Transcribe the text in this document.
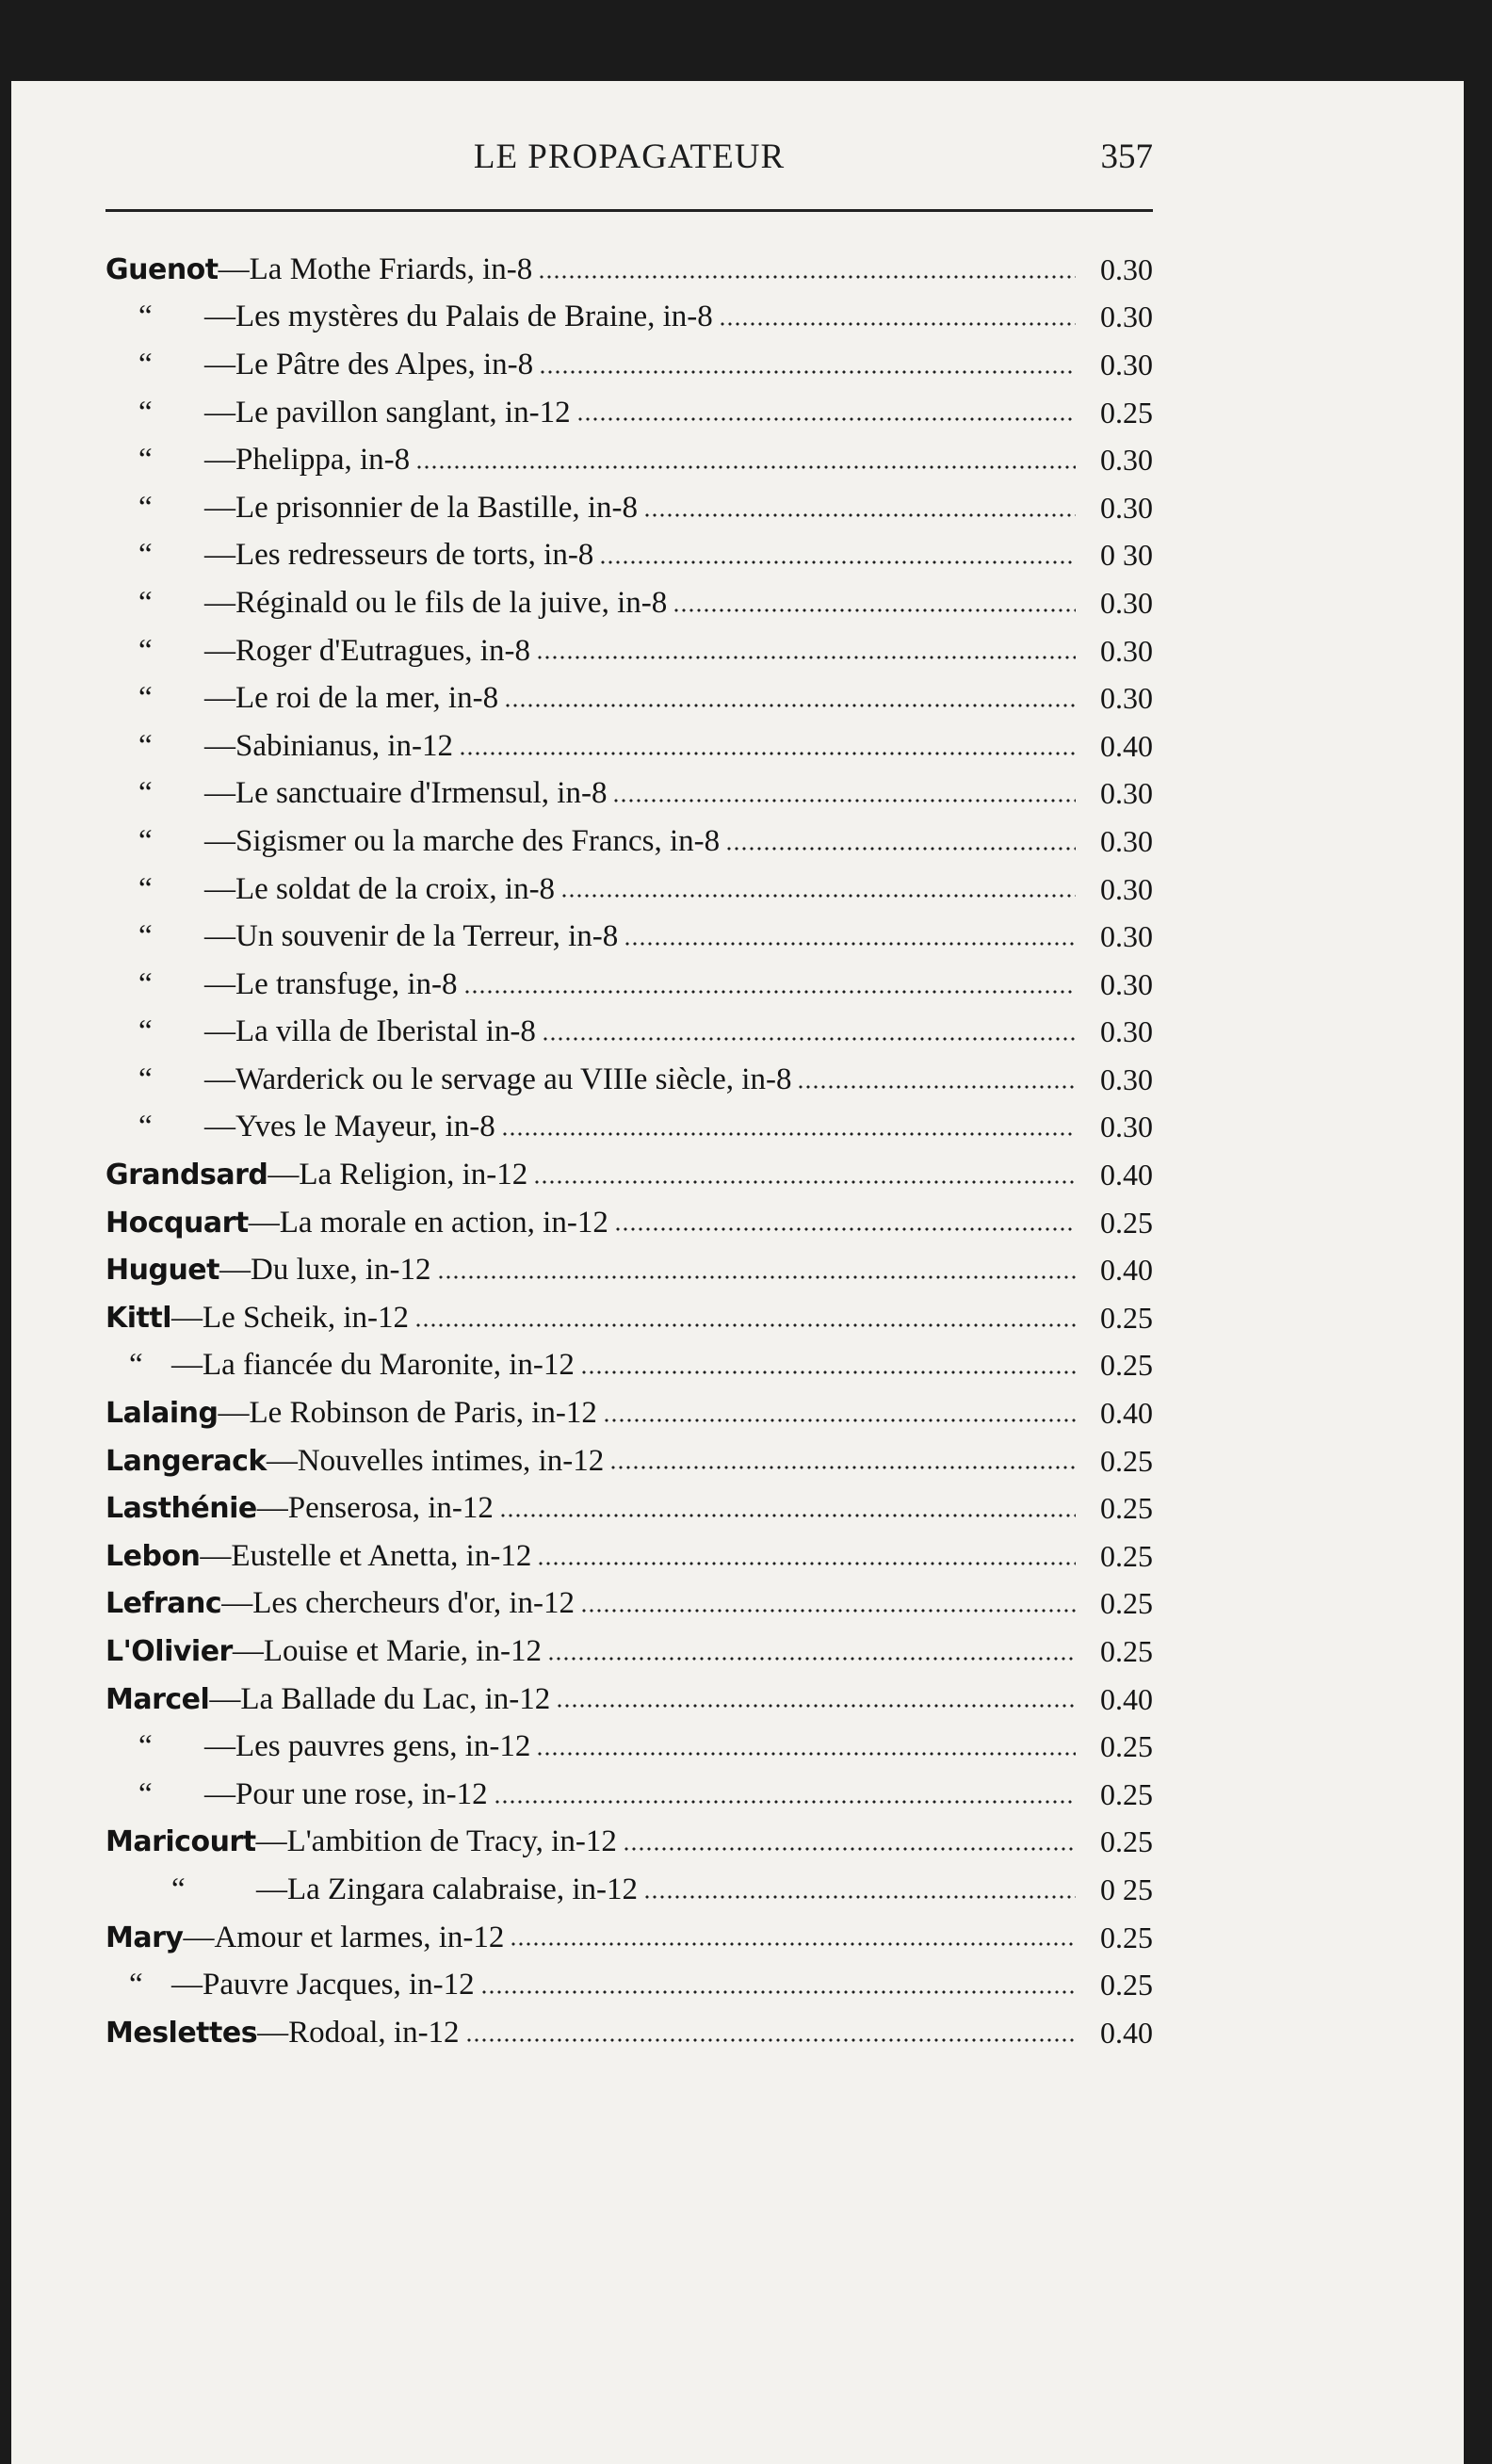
LE PROPAGATEUR	357
Guenot —La Mothe Friards, in-8	0.30
“	—Les mystères du Palais de Braine, in-8	0.30
“	—Le Pâtre des Alpes, in-8	0.30
“	—Le pavillon sanglant, in-12	0.25
“	—Phelippa, in-8	0.30
“	—Le prisonnier de la Bastille, in-8	0.30
“	—Les redresseurs de torts, in-8	0 30
“	—Réginald ou le fils de la juive, in-8	0.30
“	—Roger d'Eutragues, in-8	0.30
“	—Le roi de la mer, in-8	0.30
“	—Sabinianus, in-12	0.40
“	—Le sanctuaire d'Irmensul, in-8	0.30
“	—Sigismer ou la marche des Francs, in-8	0.30
“	—Le soldat de la croix, in-8	0.30
“	—Un souvenir de la Terreur, in-8	0.30
“	—Le transfuge, in-8	0.30
“	—La villa de Iberistal in-8	0.30
“	—Warderick ou le servage au VIIIe siècle, in-8	0.30
“	—Yves le Mayeur, in-8	0.30
Grandsard —La Religion, in-12	0.40
Hocquart —La morale en action, in-12	0.25
Huguet —Du luxe, in-12	0.40
Kittl —Le Scheik, in-12	0.25
“ —La fiancée du Maronite, in-12	0.25
Lalaing —Le Robinson de Paris, in-12	0.40
Langerack —Nouvelles intimes, in-12	0.25
Lasthénie —Penserosa, in-12	0.25
Lebon —Eustelle et Anetta, in-12	0.25
Lefranc —Les chercheurs d'or, in-12	0.25
L'Olivier —Louise et Marie, in-12	0.25
Marcel —La Ballade du Lac, in-12	0.40
“	—Les pauvres gens, in-12	0.25
“	—Pour une rose, in-12	0.25
Maricourt —L'ambition de Tracy, in-12	0.25
“	—La Zingara calabraise, in-12	0 25
Mary —Amour et larmes, in-12	0.25
“ —Pauvre Jacques, in-12	0.25
Meslettes —Rodoal, in-12	0.40
